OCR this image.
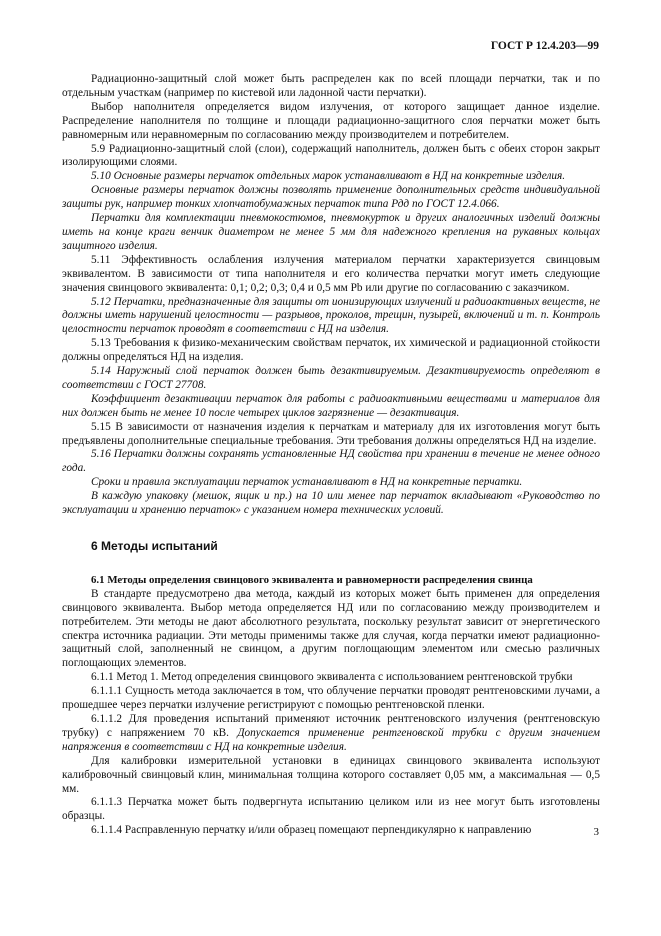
ГОСТ Р 12.4.203—99

Радиационно-защитный слой может быть распределен как по всей площади перчатки, так и по отдельным участкам (например по кистевой или ладонной части перчатки).

Выбор наполнителя определяется видом излучения, от которого защищает данное изделие. Распределение наполнителя по толщине и площади радиационно-защитного слоя перчатки может быть равномерным или неравномерным по согласованию между производителем и потребителем.

5.9 Радиационно-защитный слой (слои), содержащий наполнитель, должен быть с обеих сторон закрыт изолирующими слоями.

5.10 Основные размеры перчаток отдельных марок устанавливают в НД на конкретные изделия.

Основные размеры перчаток должны позволять применение дополнительных средств индивидуальной защиты рук, например тонких хлопчатобумажных перчаток типа Рдд по ГОСТ 12.4.066.

Перчатки для комплектации пневмокостюмов, пневмокурток и других аналогичных изделий должны иметь на конце краги венчик диаметром не менее 5 мм для надежного крепления на рукавных кольцах защитного изделия.

5.11 Эффективность ослабления излучения материалом перчатки характеризуется свинцовым эквивалентом. В зависимости от типа наполнителя и его количества перчатки могут иметь следующие значения свинцового эквивалента: 0,1; 0,2; 0,3; 0,4 и 0,5 мм Pb или другие по согласованию с заказчиком.

5.12 Перчатки, предназначенные для защиты от ионизирующих излучений и радиоактивных веществ, не должны иметь нарушений целостности — разрывов, проколов, трещин, пузырей, включений и т. п. Контроль целостности перчаток проводят в соответствии с НД на изделия.

5.13 Требования к физико-механическим свойствам перчаток, их химической и радиационной стойкости должны определяться НД на изделия.

5.14 Наружный слой перчаток должен быть дезактивируемым. Дезактивируемость определяют в соответствии с ГОСТ 27708.

Коэффициент дезактивации перчаток для работы с радиоактивными веществами и материалов для них должен быть не менее 10 после четырех циклов загрязнение — дезактивация.

5.15 В зависимости от назначения изделия к перчаткам и материалу для их изготовления могут быть предъявлены дополнительные специальные требования. Эти требования должны определяться НД на изделие.

5.16 Перчатки должны сохранять установленные НД свойства при хранении в течение не менее одного года.

Сроки и правила эксплуатации перчаток устанавливают в НД на конкретные перчатки.

В каждую упаковку (мешок, ящик и пр.) на 10 или менее пар перчаток вкладывают «Руководство по эксплуатации и хранению перчаток» с указанием номера технических условий.

6 Методы испытаний

6.1 Методы определения свинцового эквивалента и равномерности распределения свинца

В стандарте предусмотрено два метода, каждый из которых может быть применен для определения свинцового эквивалента. Выбор метода определяется НД или по согласованию между производителем и потребителем. Эти методы не дают абсолютного результата, поскольку результат зависит от энергетического спектра источника радиации. Эти методы применимы также для случая, когда перчатки имеют радиационно-защитный слой, заполненный не свинцом, а другим поглощающим элементом или смесью различных поглощающих элементов.

6.1.1 Метод 1. Метод определения свинцового эквивалента с использованием рентгеновской трубки

6.1.1.1 Сущность метода заключается в том, что облучение перчатки проводят рентгеновскими лучами, а прошедшее через перчатки излучение регистрируют с помощью рентгеновской пленки.

6.1.1.2 Для проведения испытаний применяют источник рентгеновского излучения (рентгеновскую трубку) с напряжением 70 кВ. Допускается применение рентгеновской трубки с другим значением напряжения в соответствии с НД на конкретные изделия.

Для калибровки измерительной установки в единицах свинцового эквивалента используют калибровочный свинцовый клин, минимальная толщина которого составляет 0,05 мм, а максимальная — 0,5 мм.

6.1.1.3 Перчатка может быть подвергнута испытанию целиком или из нее могут быть изготовлены образцы.

6.1.1.4 Расправленную перчатку и/или образец помещают перпендикулярно к направлению	3
